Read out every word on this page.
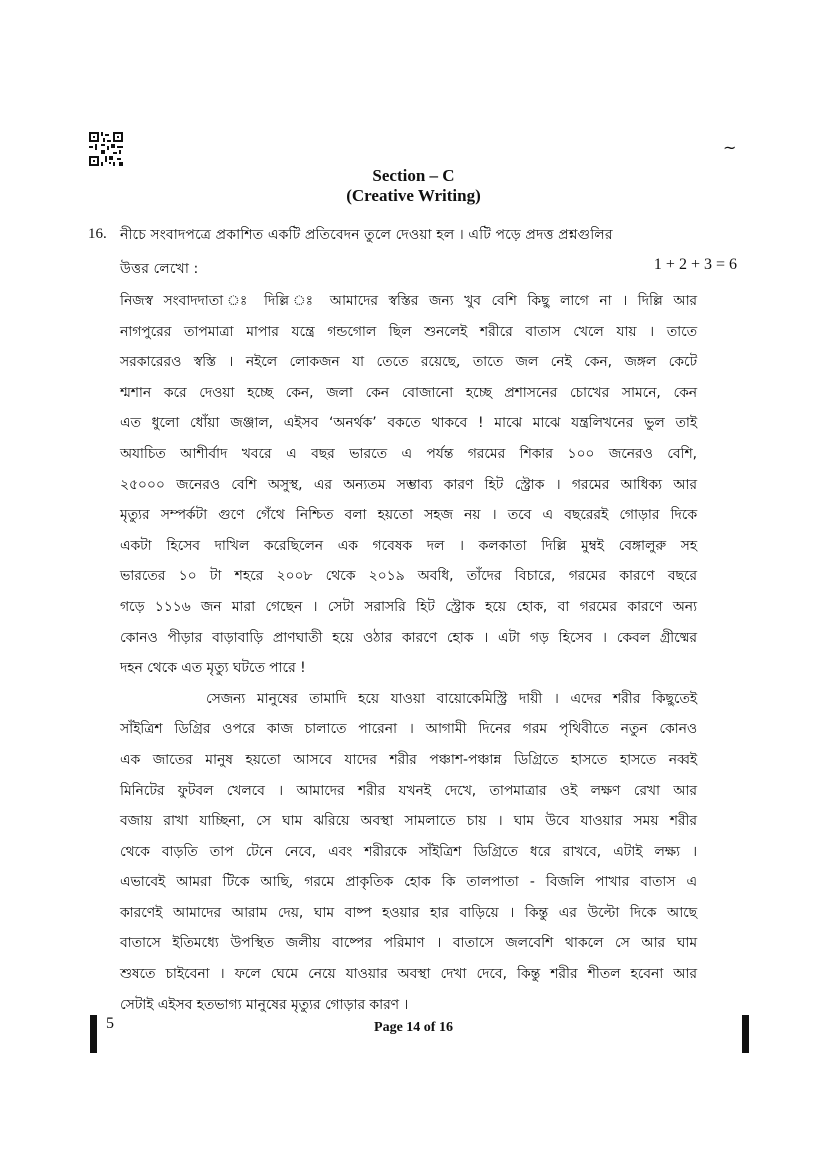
~
Section – C
(Creative Writing)
16. নীচে সংবাদপত্রে প্রকাশিত একটি প্রতিবেদন তুলে দেওয়া হল । এটি পড়ে প্রদত্ত প্রশ্নগুলির
উত্তর লেখো :	1 + 2 + 3 = 6
নিজস্ব সংবাদদাতা ঃ দিল্লি ঃ আমাদের স্বস্তির জন্য খুব বেশি কিছু লাগে না । দিল্লি আর
নাগপুরের তাপমাত্রা মাপার যন্ত্রে গন্ডগোল ছিল শুনলেই শরীরে বাতাস খেলে যায় । তাতে
সরকারেরও স্বস্তি । নইলে লোকজন যা তেতে রয়েছে, তাতে জল নেই কেন, জঙ্গল কেটে
শ্মশান করে দেওয়া হচ্ছে কেন, জলা কেন বোজানো হচ্ছে প্রশাসনের চোখের সামনে, কেন
এত ধুলো ধোঁয়া জঞ্জাল, এইসব ‘অনর্থক’ বকতে থাকবে ! মাঝে মাঝে যন্ত্রলিখনের ভুল তাই
অযাচিত আশীর্বাদ খবরে এ বছর ভারতে এ পর্যন্ত গরমের শিকার ১০০ জনেরও বেশি,
২৫০০০ জনেরও বেশি অসুস্থ, এর অন্যতম সম্ভাব্য কারণ হিট স্ট্রোক । গরমের আধিক্য আর
মৃত্যুর সম্পর্কটা গুণে গেঁথে নিশ্চিত বলা হয়তো সহজ নয় । তবে এ বছরেরই গোড়ার দিকে
একটা হিসেব দাখিল করেছিলেন এক গবেষক দল । কলকাতা দিল্লি মুম্বই বেঙ্গালুরু সহ
ভারতের ১০ টা শহরে ২০০৮ থেকে ২০১৯ অবধি, তাঁদের বিচারে, গরমের কারণে বছরে
গড়ে ১১১৬ জন মারা গেছেন । সেটা সরাসরি হিট স্ট্রোক হয়ে হোক, বা গরমের কারণে অন্য
কোনও পীড়ার বাড়াবাড়ি প্রাণঘাতী হয়ে ওঠার কারণে হোক । এটা গড় হিসেব । কেবল গ্রীষ্মের
দহন থেকে এত মৃত্যু ঘটতে পারে !
সেজন্য মানুষের তামাদি হয়ে যাওয়া বায়োকেমিস্ট্রি দায়ী । এদের শরীর কিছুতেই
সাঁইত্রিশ ডিগ্রির ওপরে কাজ চালাতে পারেনা । আগামী দিনের গরম পৃথিবীতে নতুন কোনও
এক জাতের মানুষ হয়তো আসবে যাদের শরীর পঞ্চাশ-পঞ্চান্ন ডিগ্রিতে হাসতে হাসতে নব্বই
মিনিটের ফুটবল খেলবে । আমাদের শরীর যখনই দেখে, তাপমাত্রার ওই লক্ষণ রেখা আর
বজায় রাখা যাচ্ছিনা, সে ঘাম ঝরিয়ে অবস্থা সামলাতে চায় । ঘাম উবে যাওয়ার সময় শরীর
থেকে বাড়তি তাপ টেনে নেবে, এবং শরীরকে সাঁইত্রিশ ডিগ্রিতে ধরে রাখবে, এটাই লক্ষ্য ।
এভাবেই আমরা টিকে আছি, গরমে প্রাকৃতিক হোক কি তালপাতা - বিজলি পাখার বাতাস এ
কারণেই আমাদের আরাম দেয়, ঘাম বাষ্প হওয়ার হার বাড়িয়ে । কিন্তু এর উল্টো দিকে আছে
বাতাসে ইতিমধ্যে উপস্থিত জলীয় বাষ্পের পরিমাণ । বাতাসে জলবেশি থাকলে সে আর ঘাম
শুষতে চাইবেনা । ফলে ঘেমে নেয়ে যাওয়ার অবস্থা দেখা দেবে, কিন্তু শরীর শীতল হবেনা আর
সেটাই এইসব হতভাগ্য মানুষের মৃত্যুর গোড়ার কারণ ।
5	Page 14 of 16
